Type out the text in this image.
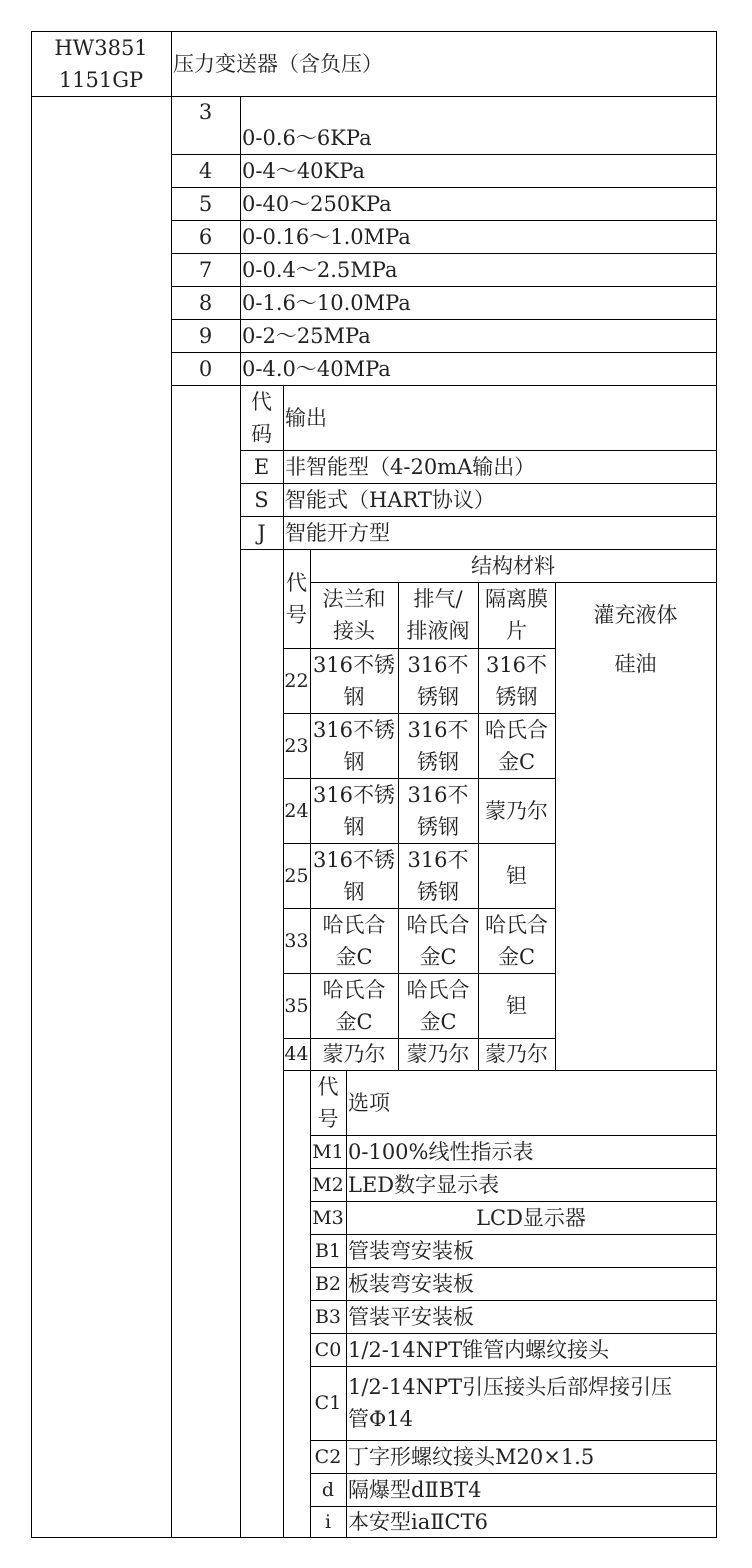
HW3851
1151GP
压力变送器（含负压）
3
0-0.6～6KPa
4 0-4～40KPa
5 0-40～250KPa
6 0-0.16～1.0MPa
7 0-0.4～2.5MPa
8 0-1.6～10.0MPa
9 0-2～25MPa
0 0-4.0～40MPa
代
码
输出
E 非智能型（4-20mA输出）
S 智能式（HART协议）
J 智能开方型
代
号
结构材料
法兰和
接头
排气/
排液阀
隔离膜
片
灌充液体
硅油
22
316不锈
钢
316不
锈钢
316不
锈钢
23
316不锈
钢
316不
锈钢
哈氏合
金C
24
316不锈
钢
316不
锈钢
蒙乃尔
25
316不锈
钢
316不
锈钢
钽
33
哈氏合
金C
哈氏合
金C
哈氏合
金C
35
哈氏合
金C
哈氏合
金C
钽
44 蒙乃尔 蒙乃尔 蒙乃尔
代
号
选项
M1 0-100%线性指示表
M2 LED数字显示表
M3	LCD显示器
B1 管装弯安装板
B2 板装弯安装板
B3 管装平安装板
C0 1/2-14NPT锥管内螺纹接头
C1
1/2-14NPT引压接头后部焊接引压
管Φ14
C2 丁字形螺纹接头M20×1.5
d 隔爆型dⅡBT4
i 本安型iaⅡCT6
